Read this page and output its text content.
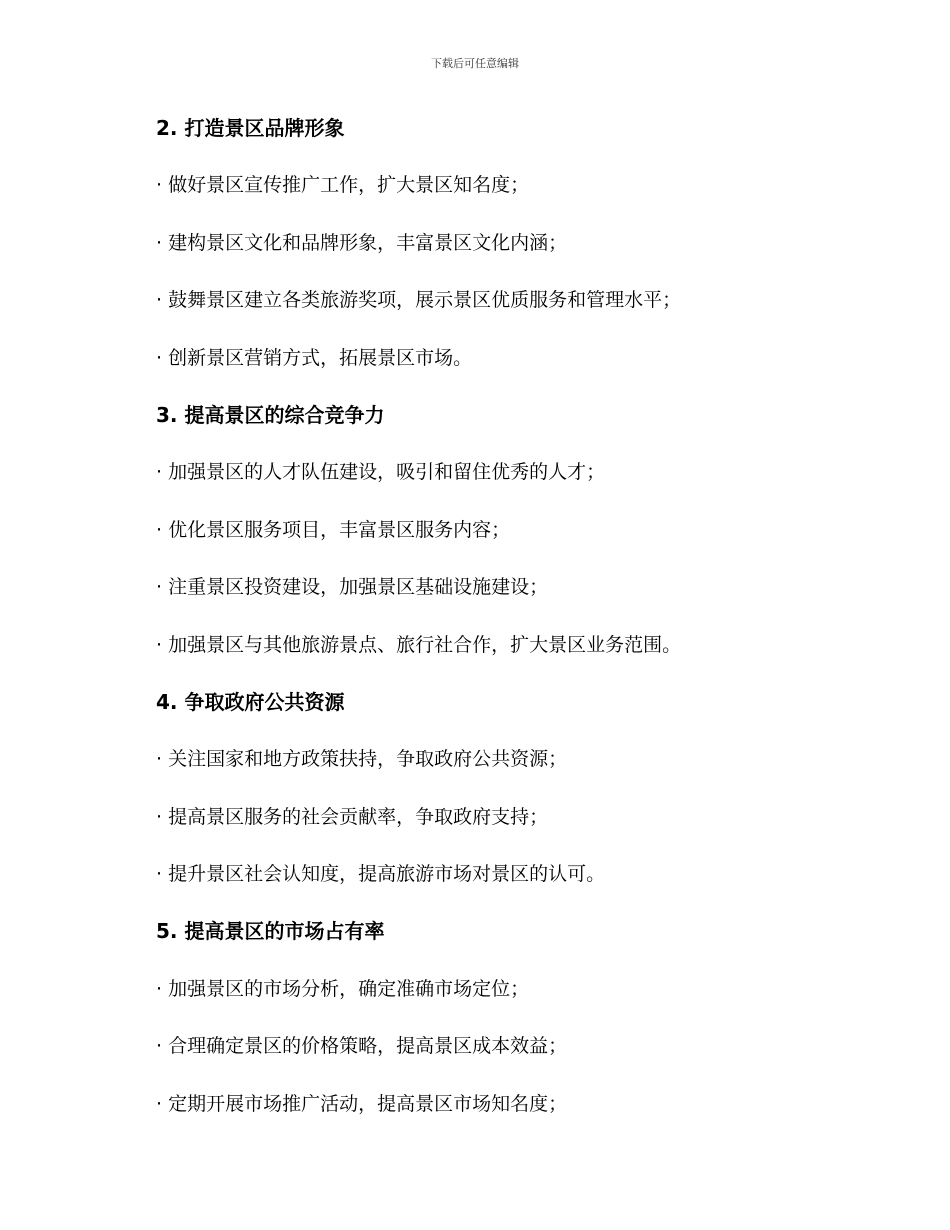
下载后可任意编辑
2. 打造景区品牌形象
· 做好景区宣传推广工作，扩大景区知名度；
· 建构景区文化和品牌形象，丰富景区文化内涵；
· 鼓舞景区建立各类旅游奖项，展示景区优质服务和管理水平；
· 创新景区营销方式，拓展景区市场。
3. 提高景区的综合竞争力
· 加强景区的人才队伍建设，吸引和留住优秀的人才；
· 优化景区服务项目，丰富景区服务内容；
· 注重景区投资建设，加强景区基础设施建设；
· 加强景区与其他旅游景点、旅行社合作，扩大景区业务范围。
4. 争取政府公共资源
· 关注国家和地方政策扶持，争取政府公共资源；
· 提高景区服务的社会贡献率，争取政府支持；
· 提升景区社会认知度，提高旅游市场对景区的认可。
5. 提高景区的市场占有率
· 加强景区的市场分析，确定准确市场定位；
· 合理确定景区的价格策略，提高景区成本效益；
· 定期开展市场推广活动，提高景区市场知名度；
